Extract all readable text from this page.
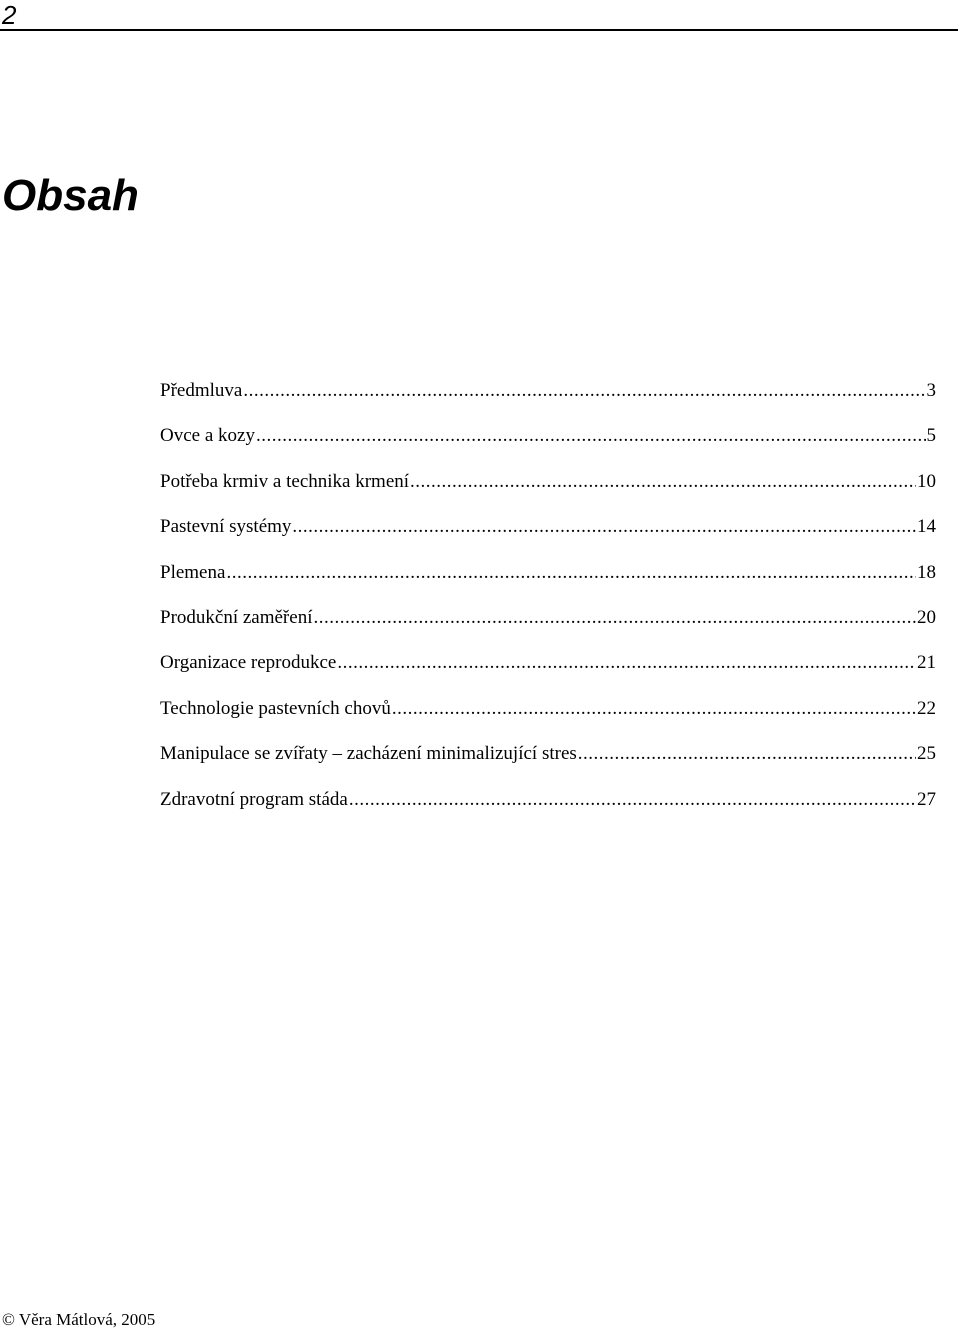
2
Obsah
Předmluva .....	3
Ovce a kozy .....	5
Potřeba krmiv a technika krmení .....	10
Pastevní systémy .....	14
Plemena .....	18
Produkční zaměření .....	20
Organizace reprodukce .....	21
Technologie pastevních chovů .....	22
Manipulace se zvířaty – zacházení minimalizující stres .....	25
Zdravotní program stáda .....	27
© Věra Mátlová, 2005
